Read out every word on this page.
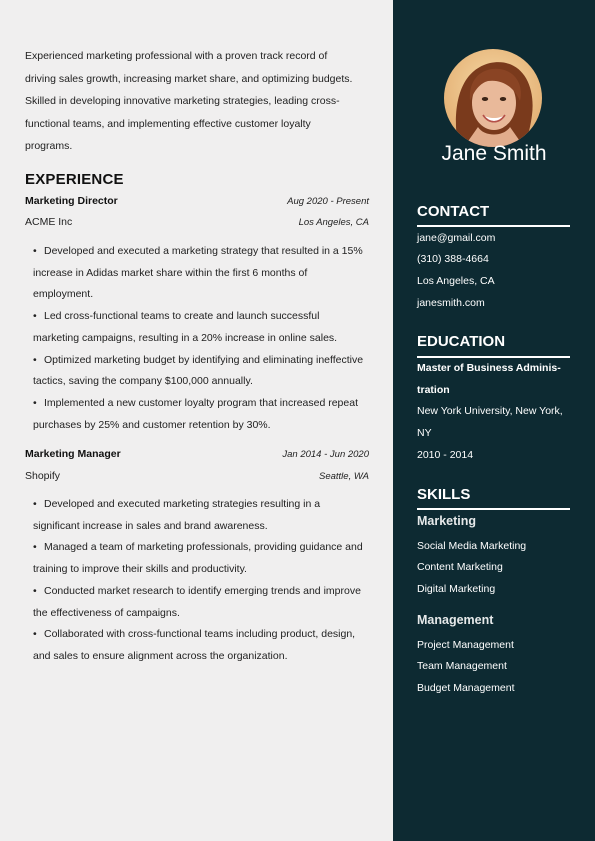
Experienced marketing professional with a proven track record of driving sales growth, increasing market share, and optimizing budgets. Skilled in developing innovative marketing strategies, leading cross-functional teams, and implementing effective customer loyalty programs.
EXPERIENCE
Marketing Director	Aug 2020 - Present
ACME Inc	Los Angeles, CA

• Developed and executed a marketing strategy that resulted in a 15% increase in Adidas market share within the first 6 months of employment.

• Led cross-functional teams to create and launch successful marketing campaigns, resulting in a 20% increase in online sales.

• Optimized marketing budget by identifying and eliminating ineffective tactics, saving the company $100,000 annually.

• Implemented a new customer loyalty program that increased repeat purchases by 25% and customer retention by 30%.

Marketing Manager	Jan 2014 - Jun 2020
Shopify	Seattle, WA

• Developed and executed marketing strategies resulting in a significant increase in sales and brand awareness.

• Managed a team of marketing professionals, providing guidance and training to improve their skills and productivity.

• Conducted market research to identify emerging trends and improve the effectiveness of campaigns.

• Collaborated with cross-functional teams including product, design, and sales to ensure alignment across the organization.

Jane Smith
CONTACT
jane@gmail.com
(310) 388-4664
Los Angeles, CA
janesmith.com
EDUCATION
Master of Business Adminis-
tration
New York University, New York,
NY
2010 - 2014
SKILLS
Marketing
Social Media Marketing
Content Marketing
Digital Marketing
Management
Project Management
Team Management
Budget Management
